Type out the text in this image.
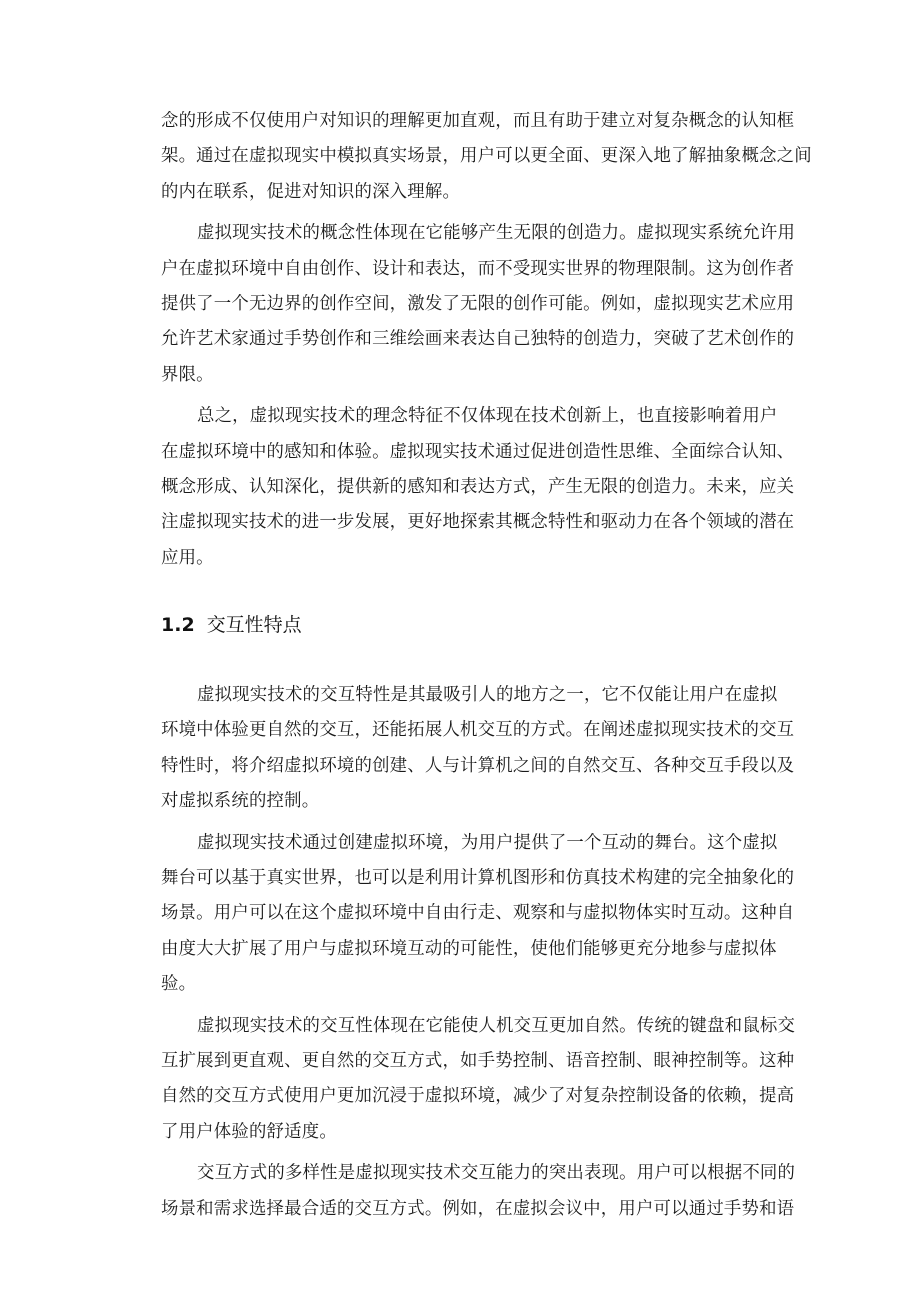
念的形成不仅使用户对知识的理解更加直观，而且有助于建立对复杂概念的认知框
架。通过在虚拟现实中模拟真实场景，用户可以更全面、更深入地了解抽象概念之间
的内在联系，促进对知识的深入理解。
虚拟现实技术的概念性体现在它能够产生无限的创造力。虚拟现实系统允许用
户在虚拟环境中自由创作、设计和表达，而不受现实世界的物理限制。这为创作者
提供了一个无边界的创作空间，激发了无限的创作可能。例如，虚拟现实艺术应用
允许艺术家通过手势创作和三维绘画来表达自己独特的创造力，突破了艺术创作的
界限。
总之，虚拟现实技术的理念特征不仅体现在技术创新上，也直接影响着用户
在虚拟环境中的感知和体验。虚拟现实技术通过促进创造性思维、全面综合认知、
概念形成、认知深化，提供新的感知和表达方式，产生无限的创造力。未来，应关
注虚拟现实技术的进一步发展，更好地探索其概念特性和驱动力在各个领域的潜在
应用。
1.2 交互性特点
虚拟现实技术的交互特性是其最吸引人的地方之一，它不仅能让用户在虚拟
环境中体验更自然的交互，还能拓展人机交互的方式。在阐述虚拟现实技术的交互
特性时，将介绍虚拟环境的创建、人与计算机之间的自然交互、各种交互手段以及
对虚拟系统的控制。
虚拟现实技术通过创建虚拟环境，为用户提供了一个互动的舞台。这个虚拟
舞台可以基于真实世界，也可以是利用计算机图形和仿真技术构建的完全抽象化的
场景。用户可以在这个虚拟环境中自由行走、观察和与虚拟物体实时互动。这种自
由度大大扩展了用户与虚拟环境互动的可能性，使他们能够更充分地参与虚拟体
验。
虚拟现实技术的交互性体现在它能使人机交互更加自然。传统的键盘和鼠标交
互扩展到更直观、更自然的交互方式，如手势控制、语音控制、眼神控制等。这种
自然的交互方式使用户更加沉浸于虚拟环境，减少了对复杂控制设备的依赖，提高
了用户体验的舒适度。
交互方式的多样性是虚拟现实技术交互能力的突出表现。用户可以根据不同的
场景和需求选择最合适的交互方式。例如，在虚拟会议中，用户可以通过手势和语
